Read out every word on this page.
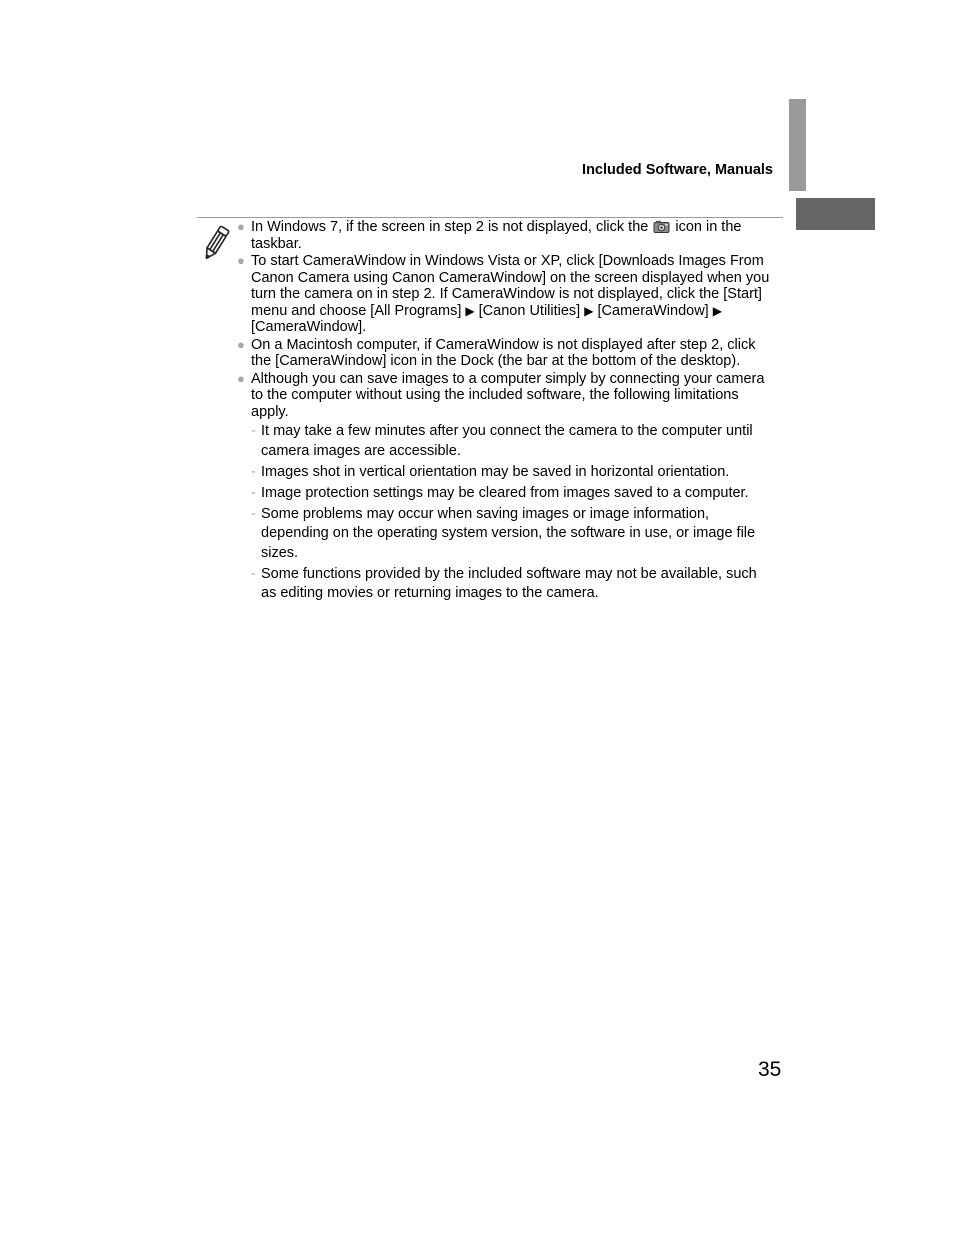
Included Software, Manuals
● In Windows 7, if the screen in step 2 is not displayed, click the icon in the taskbar.
● To start CameraWindow in Windows Vista or XP, click [Downloads Images From Canon Camera using Canon CameraWindow] on the screen displayed when you turn the camera on in step 2. If CameraWindow is not displayed, click the [Start] menu and choose [All Programs] ▶ [Canon Utilities] ▶ [CameraWindow] ▶ [CameraWindow].
● On a Macintosh computer, if CameraWindow is not displayed after step 2, click the [CameraWindow] icon in the Dock (the bar at the bottom of the desktop).
● Although you can save images to a computer simply by connecting your camera to the computer without using the included software, the following limitations apply.
- It may take a few minutes after you connect the camera to the computer until camera images are accessible.
- Images shot in vertical orientation may be saved in horizontal orientation.
- Image protection settings may be cleared from images saved to a computer.
- Some problems may occur when saving images or image information, depending on the operating system version, the software in use, or image file sizes.
- Some functions provided by the included software may not be available, such as editing movies or returning images to the camera.
35
